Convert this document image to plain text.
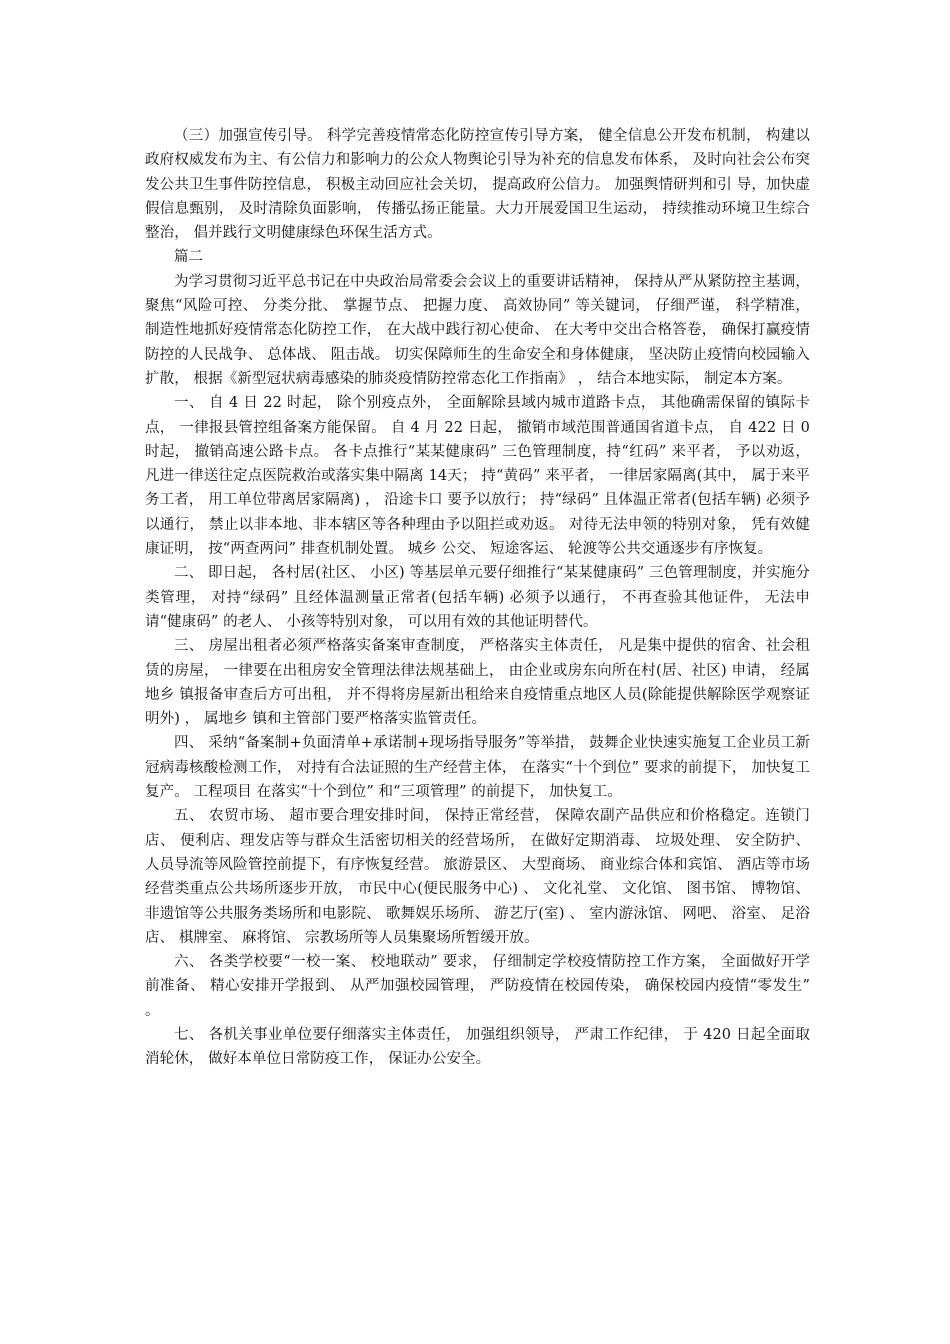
（三）加强宣传引导。 科学完善疫情常态化防控宣传引导方案， 健全信息公开发布机制， 构建以政府权威发布为主、有公信力和影响力的公众人物舆论引导为补充的信息发布体系， 及时向社会公布突发公共卫生事件防控信息， 积极主动回应社会关切， 提高政府公信力。 加强舆情研判和引 导，加快虚假信息甄别， 及时清除负面影响， 传播弘扬正能量。大力开展爱国卫生运动， 持续推动环境卫生综合整治， 倡并践行文明健康绿色环保生活方式。

篇二

为学习贯彻习近平总书记在中央政治局常委会会议上的重要讲话精神， 保持从严从紧防控主基调， 聚焦“风险可控、 分类分批、 掌握节点、 把握力度、 高效协同” 等关键词， 仔细严谨， 科学精准， 制造性地抓好疫情常态化防控工作， 在大战中践行初心使命、 在大考中交出合格答卷， 确保打赢疫情防控的人民战争、 总体战、 阻击战。 切实保障师生的生命安全和身体健康， 坚决防止疫情向校园输入扩散， 根据《新型冠状病毒感染的肺炎疫情防控常态化工作指南》 ， 结合本地实际， 制定本方案。

一、 自 4 日 22 时起， 除个别疫点外， 全面解除县域内城市道路卡点， 其他确需保留的镇际卡点， 一律报县管控组备案方能保留。 自 4 月 22 日起， 撤销市域范围普通国省道卡点， 自 422 日 0 时起， 撤销高速公路卡点。 各卡点推行“某某健康码” 三色管理制度，持“红码” 来平者， 予以劝返， 凡进一律送往定点医院救治或落实集中隔离 14天； 持“黄码” 来平者， 一律居家隔离(其中， 属于来平务工者， 用工单位带离居家隔离) ， 沿途卡口 要予以放行； 持“绿码” 且体温正常者(包括车辆) 必须予以通行， 禁止以非本地、非本辖区等各种理由予以阻拦或劝返。 对待无法申领的特别对象， 凭有效健康证明， 按“两查两问” 排查机制处置。 城乡 公交、 短途客运、 轮渡等公共交通逐步有序恢复。

二、 即日起， 各村居(社区、 小区) 等基层单元要仔细推行“某某健康码” 三色管理制度，并实施分类管理， 对持“绿码” 且经体温测量正常者(包括车辆) 必须予以通行， 不再查验其他证件， 无法申请“健康码” 的老人、 小孩等特别对象， 可以用有效的其他证明替代。

三、 房屋出租者必须严格落实备案审查制度， 严格落实主体责任， 凡是集中提供的宿舍、社会租赁的房屋， 一律要在出租房安全管理法律法规基础上， 由企业或房东向所在村(居、社区) 申请， 经属地乡 镇报备审查后方可出租， 并不得将房屋新出租给来自疫情重点地区人员(除能提供解除医学观察证明外) ， 属地乡 镇和主管部门要严格落实监管责任。

四、 采纳“备案制+负面清单+承诺制+现场指导服务”等举措， 鼓舞企业快速实施复工企业员工新冠病毒核酸检测工作， 对持有合法证照的生产经营主体， 在落实“十个到位” 要求的前提下， 加快复工复产。 工程项目 在落实“十个到位” 和“三项管理” 的前提下， 加快复工。

五、 农贸市场、 超市要合理安排时间， 保持正常经营， 保障农副产品供应和价格稳定。连锁门店、 便利店、理发店等与群众生活密切相关的经营场所， 在做好定期消毒、 垃圾处理、 安全防护、 人员导流等风险管控前提下，有序恢复经营。 旅游景区、 大型商场、 商业综合体和宾馆、 酒店等市场经营类重点公共场所逐步开放， 市民中心(便民服务中心) 、 文化礼堂、 文化馆、 图书馆、 博物馆、非遗馆等公共服务类场所和电影院、 歌舞娱乐场所、 游艺厅(室) 、 室内游泳馆、 网吧、 浴室、 足浴店、 棋牌室、 麻将馆、 宗教场所等人员集聚场所暂缓开放。

六、 各类学校要“一校一案、 校地联动” 要求， 仔细制定学校疫情防控工作方案， 全面做好开学前准备、 精心安排开学报到、 从严加强校园管理， 严防疫情在校园传染， 确保校园内疫情“零发生” 。

七、 各机关事业单位要仔细落实主体责任， 加强组织领导， 严肃工作纪律， 于 420 日起全面取消轮休， 做好本单位日常防疫工作， 保证办公安全。
